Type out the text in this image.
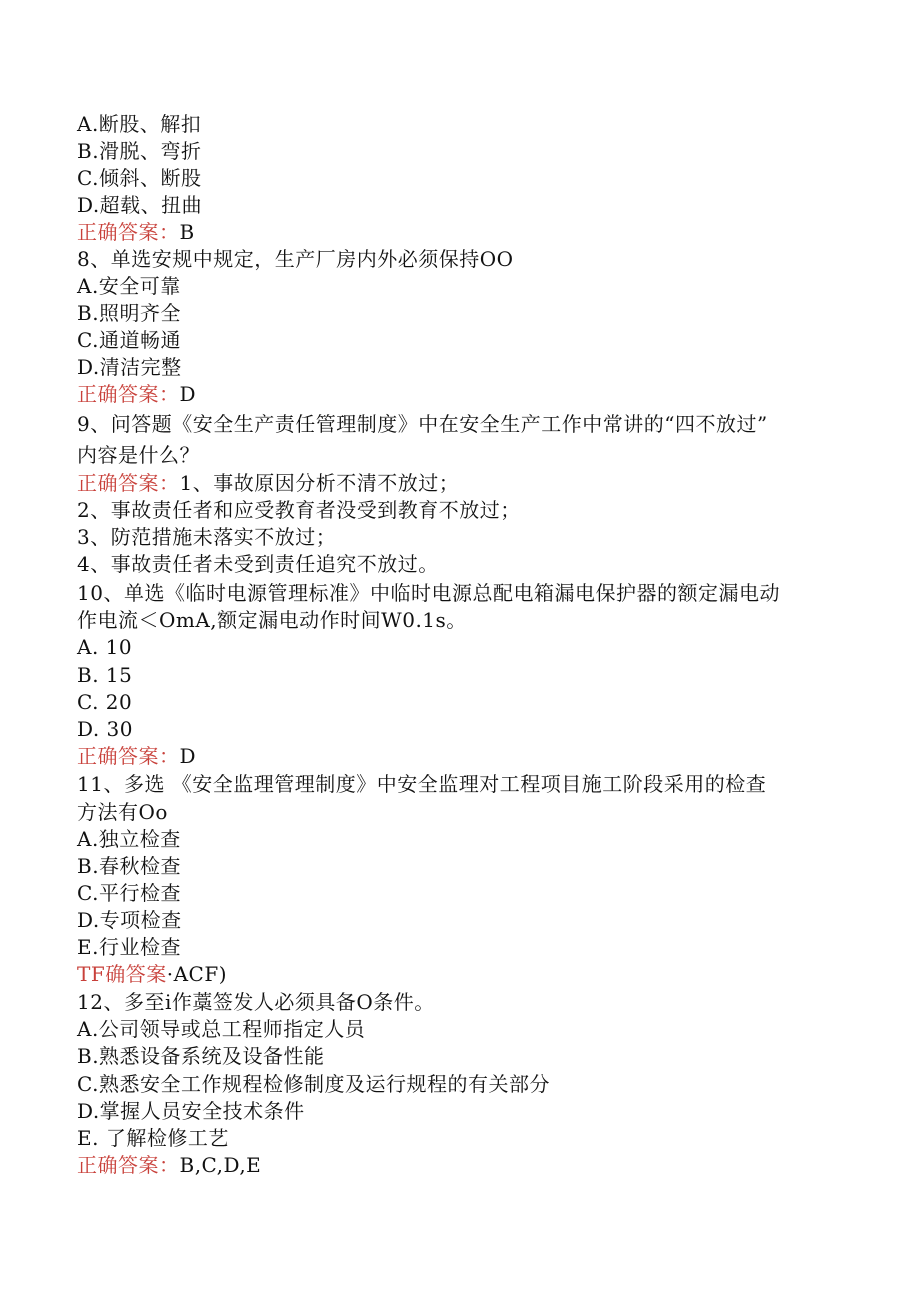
A.断股、解扣
B.滑脱、弯折
C.倾斜、断股
D.超载、扭曲
正确答案：B
8、单选安规中规定，生产厂房内外必须保持OO
A.安全可靠
B.照明齐全
C.通道畅通
D.清洁完整
正确答案：D
9、问答题《安全生产责任管理制度》中在安全生产工作中常讲的“四不放过”
内容是什么？
正确答案：1、事故原因分析不清不放过；
2、事故责任者和应受教育者没受到教育不放过；
3、防范措施未落实不放过；
4、事故责任者未受到责任追究不放过。
10、单选《临时电源管理标准》中临时电源总配电箱漏电保护器的额定漏电动
作电流＜OmA,额定漏电动作时间W0.1s。
A. 10
B. 15
C. 20
D. 30
正确答案：D
11、多选 《安全监理管理制度》中安全监理对工程项目施工阶段采用的检查
方法有Oo
A.独立检查
B.春秋检查
C.平行检查
D.专项检查
E.行业检查
TF确答案·ACF)
12、多至i作藁签发人必须具备O条件。
A.公司领导或总工程师指定人员
B.熟悉设备系统及设备性能
C.熟悉安全工作规程检修制度及运行规程的有关部分
D.掌握人员安全技术条件
E. 了解检修工艺
正确答案：B,C,D,E
